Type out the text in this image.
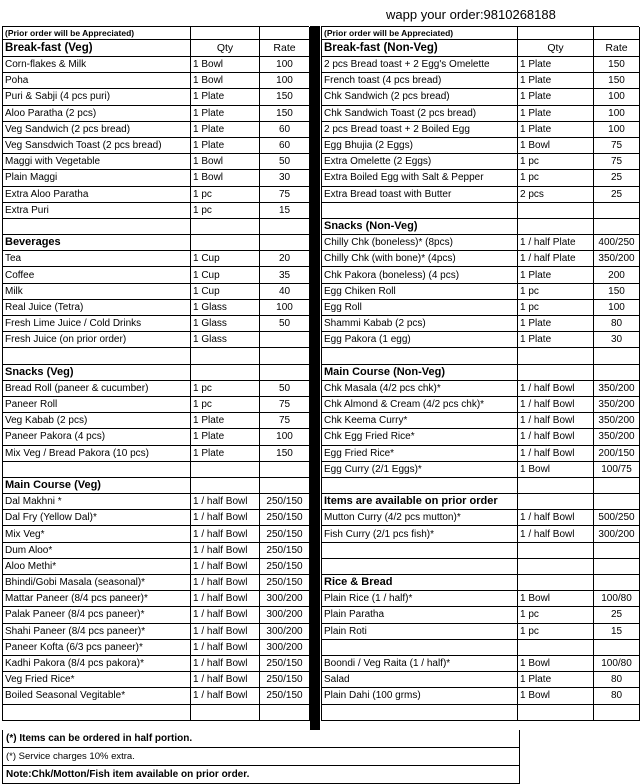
wapp your order:9810268188
(Prior order will be Appreciated)		
Break-fast (Veg)	Qty	Rate
Corn-flakes & Milk	1 Bowl	100
Poha	1 Bowl	100
Puri & Sabji (4 pcs puri)	1 Plate	150
Aloo Paratha (2 pcs)	1 Plate	150
Veg Sandwich (2 pcs bread)	1 Plate	60
Veg Sansdwich Toast (2 pcs bread)	1 Plate	60
Maggi with Vegetable	1 Bowl	50
Plain Maggi	1 Bowl	30
Extra Aloo Paratha	1 pc	75
Extra Puri	1 pc	15

Beverages		
Tea	1 Cup	20
Coffee	1 Cup	35
Milk	1 Cup	40
Real Juice (Tetra)	1 Glass	100
Fresh Lime Juice / Cold Drinks	1 Glass	50
Fresh Juice (on prior order)	1 Glass	

Snacks (Veg)		
Bread Roll (paneer & cucumber)	1 pc	50
Paneer Roll	1 pc	75
Veg Kabab (2 pcs)	1 Plate	75
Paneer Pakora (4 pcs)	1 Plate	100
Mix Veg / Bread Pakora (10 pcs)	1 Plate	150

Main Course (Veg)		
Dal Makhni *	1 / half Bowl	250/150
Dal Fry (Yellow Dal)*	1 / half Bowl	250/150
Mix Veg*	1 / half Bowl	250/150
Dum Aloo*	1 / half Bowl	250/150
Aloo Methi*	1 / half Bowl	250/150
Bhindi/Gobi Masala (seasonal)*	1 / half Bowl	250/150
Mattar Paneer (8/4 pcs paneer)*	1 / half Bowl	300/200
Palak Paneer (8/4 pcs paneer)*	1 / half Bowl	300/200
Shahi Paneer (8/4 pcs paneer)*	1 / half Bowl	300/200
Paneer Kofta (6/3 pcs paneer)*	1 / half Bowl	300/200
Kadhi Pakora (8/4 pcs pakora)*	1 / half Bowl	250/150
Veg Fried Rice*	1 / half Bowl	250/150
Boiled Seasonal Vegitable*	1 / half Bowl	250/150

(Prior order will be Appreciated)		
Break-fast (Non-Veg)	Qty	Rate
2 pcs Bread toast + 2 Egg's Omelette	1 Plate	150
French toast (4 pcs bread)	1 Plate	150
Chk Sandwich (2 pcs bread)	1 Plate	100
Chk Sandwich Toast (2 pcs bread)	1 Plate	100
2 pcs Bread toast + 2 Boiled Egg	1 Plate	100
Egg Bhujia (2 Eggs)	1 Bowl	75
Extra Omelette (2 Eggs)	1 pc	75
Extra Boiled Egg with Salt & Pepper	1 pc	25
Extra Bread toast with Butter	2 pcs	25

Snacks (Non-Veg)		
Chilly Chk (boneless)* (8pcs)	1 / half Plate	400/250
Chilly Chk (with bone)* (4pcs)	1 / half Plate	350/200
Chk Pakora (boneless) (4 pcs)	1 Plate	200
Egg Chiken Roll	1 pc	150
Egg Roll	1 pc	100
Shammi Kabab (2 pcs)	1 Plate	80
Egg Pakora (1 egg)	1 Plate	30

Main Course (Non-Veg)		
Chk Masala (4/2 pcs chk)*	1 / half Bowl	350/200
Chk Almond & Cream (4/2 pcs chk)*	1 / half Bowl	350/200
Chk Keema Curry*	1 / half Bowl	350/200
Chk Egg Fried Rice*	1 / half Bowl	350/200
Egg Fried Rice*	1 / half Bowl	200/150
Egg Curry (2/1 Eggs)*	1 Bowl	100/75

Items are available on prior order		
Mutton Curry (4/2 pcs mutton)*	1 / half Bowl	500/250
Fish Curry (2/1 pcs fish)*	1 / half Bowl	300/200

Rice & Bread		
Plain Rice (1 / half)*	1 Bowl	100/80
Plain Paratha	1 pc	25
Plain Roti	1 pc	15

Boondi / Veg Raita (1 / half)*	1 Bowl	100/80
Salad	1 Plate	80
Plain Dahi (100 grms)	1 Bowl	80

(*) Items can be ordered in half portion.
(*) Service charges 10% extra.
Note:Chk/Motton/Fish item available on prior order.
